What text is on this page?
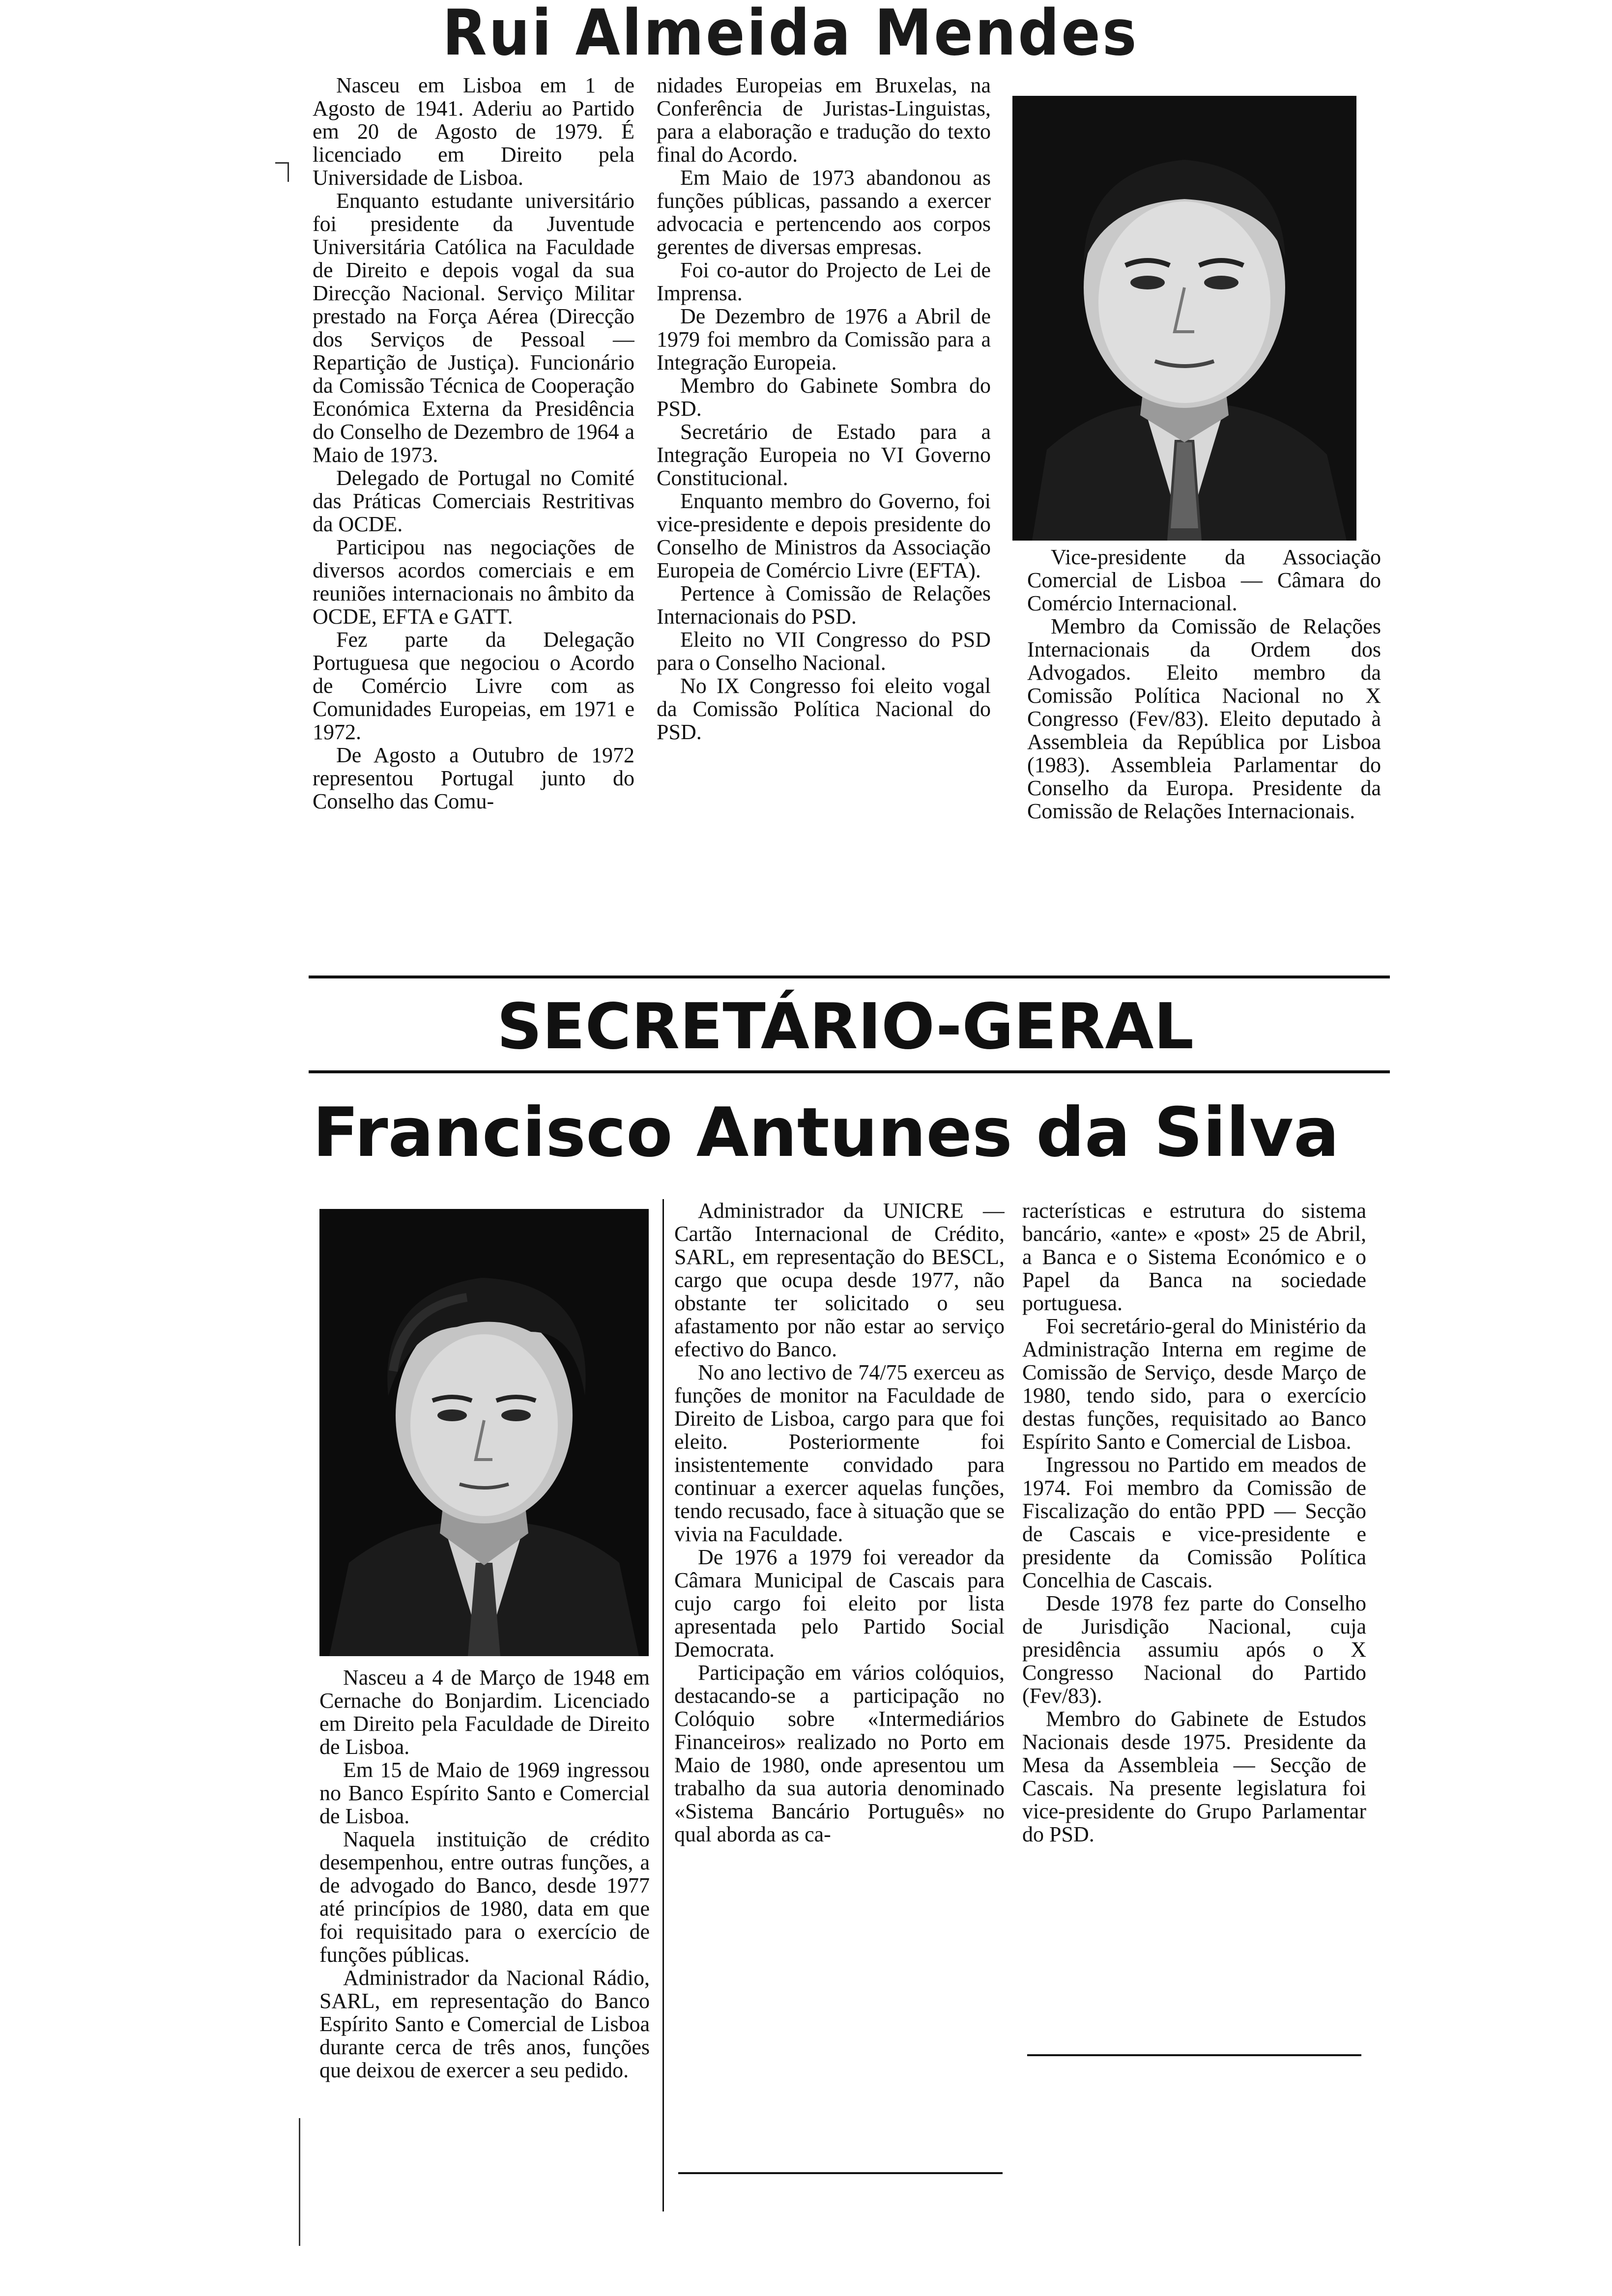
Rui Almeida Mendes

Nasceu em Lisboa em 1 de Agosto de 1941. Aderiu ao Partido em 20 de Agosto de 1979. É licenciado em Direito pela Universidade de Lisboa.

Enquanto estudante universitário foi presidente da Juventude Universitária Católica na Faculdade de Direito e depois vogal da sua Direcção Nacional. Serviço Militar prestado na Força Aérea (Direcção dos Serviços de Pessoal — Repartição de Justiça). Funcionário da Comissão Técnica de Cooperação Económica Externa da Presidência do Conselho de Dezembro de 1964 a Maio de 1973.

Delegado de Portugal no Comité das Práticas Comerciais Restritivas da OCDE.

Participou nas negociações de diversos acordos comerciais e em reuniões internacionais no âmbito da OCDE, EFTA e GATT.

Fez parte da Delegação Portuguesa que negociou o Acordo de Comércio Livre com as Comunidades Europeias, em 1971 e 1972.

De Agosto a Outubro de 1972 representou Portugal junto do Conselho das Comu-

nidades Europeias em Bruxelas, na Conferência de Juristas-Linguistas, para a elaboração e tradução do texto final do Acordo.

Em Maio de 1973 abandonou as funções públicas, passando a exercer advocacia e pertencendo aos corpos gerentes de diversas empresas.

Foi co-autor do Projecto de Lei de Imprensa.

De Dezembro de 1976 a Abril de 1979 foi membro da Comissão para a Integração Europeia.

Membro do Gabinete Sombra do PSD.

Secretário de Estado para a Integração Europeia no VI Governo Constitucional.

Enquanto membro do Governo, foi vice-presidente e depois presidente do Conselho de Ministros da Associação Europeia de Comércio Livre (EFTA).

Pertence à Comissão de Relações Internacionais do PSD.

Eleito no VII Congresso do PSD para o Conselho Nacional.

No IX Congresso foi eleito vogal da Comissão Política Nacional do PSD.

Vice-presidente da Associação Comercial de Lisboa — Câmara do Comércio Internacional.

Membro da Comissão de Relações Internacionais da Ordem dos Advogados. Eleito membro da Comissão Política Nacional no X Congresso (Fev/83). Eleito deputado à Assembleia da República por Lisboa (1983). Assembleia Parlamentar do Conselho da Europa. Presidente da Comissão de Relações Internacionais.

SECRETÁRIO-GERAL
Francisco Antunes da Silva

Nasceu a 4 de Março de 1948 em Cernache do Bonjardim. Licenciado em Direito pela Faculdade de Direito de Lisboa.

Em 15 de Maio de 1969 ingressou no Banco Espírito Santo e Comercial de Lisboa.

Naquela instituição de crédito desempenhou, entre outras funções, a de advogado do Banco, desde 1977 até princípios de 1980, data em que foi requisitado para o exercício de funções públicas.

Administrador da Nacional Rádio, SARL, em representação do Banco Espírito Santo e Comercial de Lisboa durante cerca de três anos, funções que deixou de exercer a seu pedido.

Administrador da UNICRE — Cartão Internacional de Crédito, SARL, em representação do BESCL, cargo que ocupa desde 1977, não obstante ter solicitado o seu afastamento por não estar ao serviço efectivo do Banco.

No ano lectivo de 74/75 exerceu as funções de monitor na Faculdade de Direito de Lisboa, cargo para que foi eleito. Posteriormente foi insistentemente convidado para continuar a exercer aquelas funções, tendo recusado, face à situação que se vivia na Faculdade.

De 1976 a 1979 foi vereador da Câmara Municipal de Cascais para cujo cargo foi eleito por lista apresentada pelo Partido Social Democrata.

Participação em vários colóquios, destacando-se a participação no Colóquio sobre «Intermediários Financeiros» realizado no Porto em Maio de 1980, onde apresentou um trabalho da sua autoria denominado «Sistema Bancário Português» no qual aborda as ca-

racterísticas e estrutura do sistema bancário, «ante» e «post» 25 de Abril, a Banca e o Sistema Económico e o Papel da Banca na sociedade portuguesa.

Foi secretário-geral do Ministério da Administração Interna em regime de Comissão de Serviço, desde Março de 1980, tendo sido, para o exercício destas funções, requisitado ao Banco Espírito Santo e Comercial de Lisboa.

Ingressou no Partido em meados de 1974. Foi membro da Comissão de Fiscalização do então PPD — Secção de Cascais e vice-presidente e presidente da Comissão Política Concelhia de Cascais.

Desde 1978 fez parte do Conselho de Jurisdição Nacional, cuja presidência assumiu após o X Congresso Nacional do Partido (Fev/83).

Membro do Gabinete de Estudos Nacionais desde 1975. Presidente da Mesa da Assembleia — Secção de Cascais. Na presente legislatura foi vice-presidente do Grupo Parlamentar do PSD.
